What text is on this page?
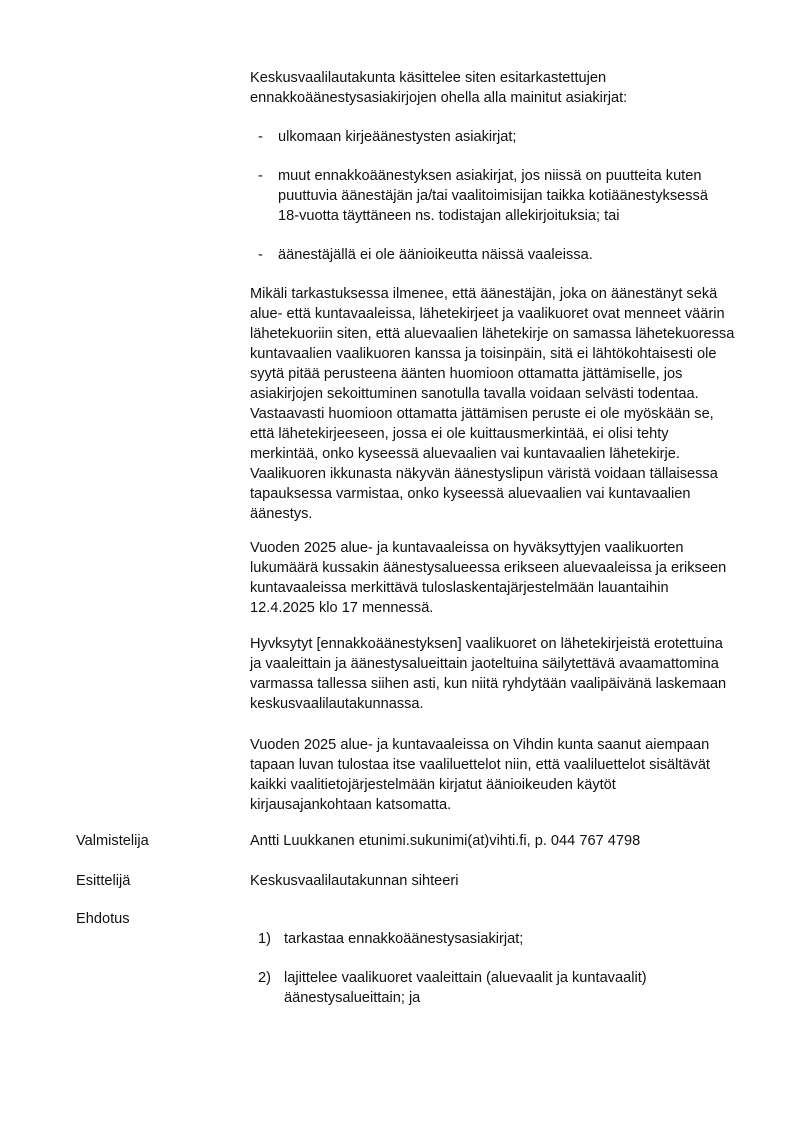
Keskusvaalilautakunta käsittelee siten esitarkastettujen
ennakkoäänestysasiakirjojen ohella alla mainitut asiakirjat:
- ulkomaan kirjeäänestysten asiakirjat;
- muut ennakkoäänestyksen asiakirjat, jos niissä on puutteita kuten
puuttuvia äänestäjän ja/tai vaalitoimisijan taikka kotiäänestyksessä
18-vuotta täyttäneen ns. todistajan allekirjoituksia; tai
- äänestäjällä ei ole äänioikeutta näissä vaaleissa.
Mikäli tarkastuksessa ilmenee, että äänestäjän, joka on äänestänyt sekä
alue- että kuntavaaleissa, lähetekirjeet ja vaalikuoret ovat menneet väärin
lähetekuoriin siten, että aluevaalien lähetekirje on samassa lähetekuoressa
kuntavaalien vaalikuoren kanssa ja toisinpäin, sitä ei lähtökohtaisesti ole
syytä pitää perusteena äänten huomioon ottamatta jättämiselle, jos
asiakirjojen sekoittuminen sanotulla tavalla voidaan selvästi todentaa.
Vastaavasti huomioon ottamatta jättämisen peruste ei ole myöskään se,
että lähetekirjeeseen, jossa ei ole kuittausmerkintää, ei olisi tehty
merkintää, onko kyseessä aluevaalien vai kuntavaalien lähetekirje.
Vaalikuoren ikkunasta näkyvän äänestyslipun väristä voidaan tällaisessa
tapauksessa varmistaa, onko kyseessä aluevaalien vai kuntavaalien
äänestys.
Vuoden 2025 alue- ja kuntavaaleissa on hyväksyttyjen vaalikuorten
lukumäärä kussakin äänestysalueessa erikseen aluevaaleissa ja erikseen
kuntavaaleissa merkittävä tuloslaskentajärjestelmään lauantaihin
12.4.2025 klo 17 mennessä.
Hyvksytyt [ennakkoäänestyksen] vaalikuoret on lähetekirjeistä erotettuina
ja vaaleittain ja äänestysalueittain jaoteltuina säilytettävä avaamattomina
varmassa tallessa siihen asti, kun niitä ryhdytään vaalipäivänä laskemaan
keskusvaalilautakunnassa.
Vuoden 2025 alue- ja kuntavaaleissa on Vihdin kunta saanut aiempaan
tapaan luvan tulostaa itse vaaliluettelot niin, että vaaliluettelot sisältävät
kaikki vaalitietojärjestelmään kirjatut äänioikeuden käytöt
kirjausajankohtaan katsomatta.
Valmistelija	Antti Luukkanen etunimi.sukunimi(at)vihti.fi, p. 044 767 4798
Esittelijä	Keskusvaalilautakunnan sihteeri
Ehdotus
1) tarkastaa ennakkoäänestysasiakirjat;
2) lajittelee vaalikuoret vaaleittain (aluevaalit ja kuntavaalit)
äänestysalueittain; ja
